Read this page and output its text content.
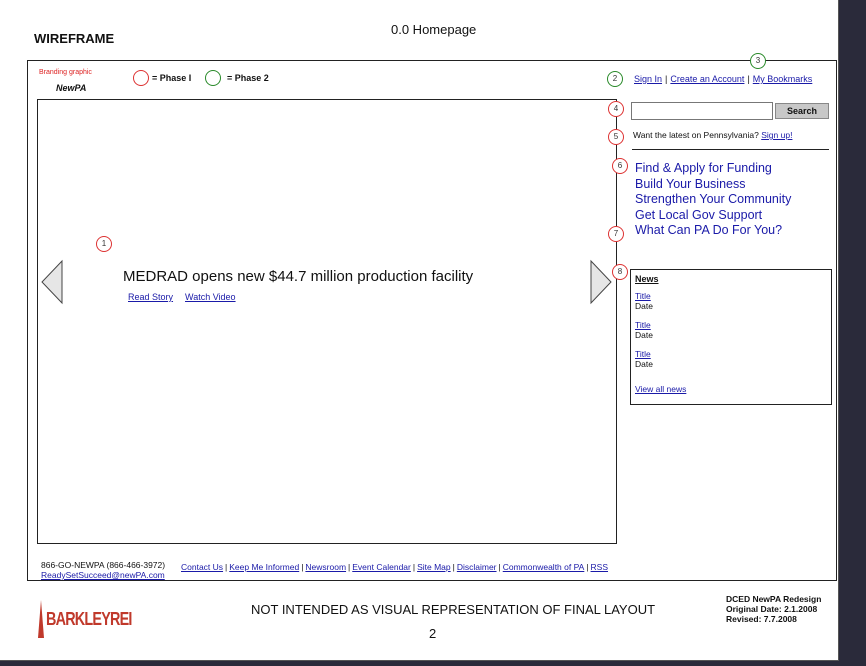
WIREFRAME
0.0 Homepage
Branding graphic
NewPA
= Phase I	= Phase 2	Sign In | Create an Account | My Bookmarks
MEDRAD opens new $44.7 million production facility
Read Story Watch Video
Search
Want the latest on Pennsylvania? Sign up!
Find & Apply for Funding
Build Your Business
Strengthen Your Community
Get Local Gov Support
What Can PA Do For You?
News
Title
Date
Title
Date
Title
Date
View all news
1
2
3
4
5
6
7
8
866-GO-NEWPA (866-466-3972)
ReadySetSucceed@newPA.com
Contact Us | Keep Me Informed | Newsroom | Event Calendar | Site Map | Disclaimer | Commonwealth of PA | RSS
BARKLEYREI	NOT INTENDED AS VISUAL REPRESENTATION OF FINAL LAYOUT
2
DCED NewPA Redesign
Original Date: 2.1.2008
Revised: 7.7.2008
